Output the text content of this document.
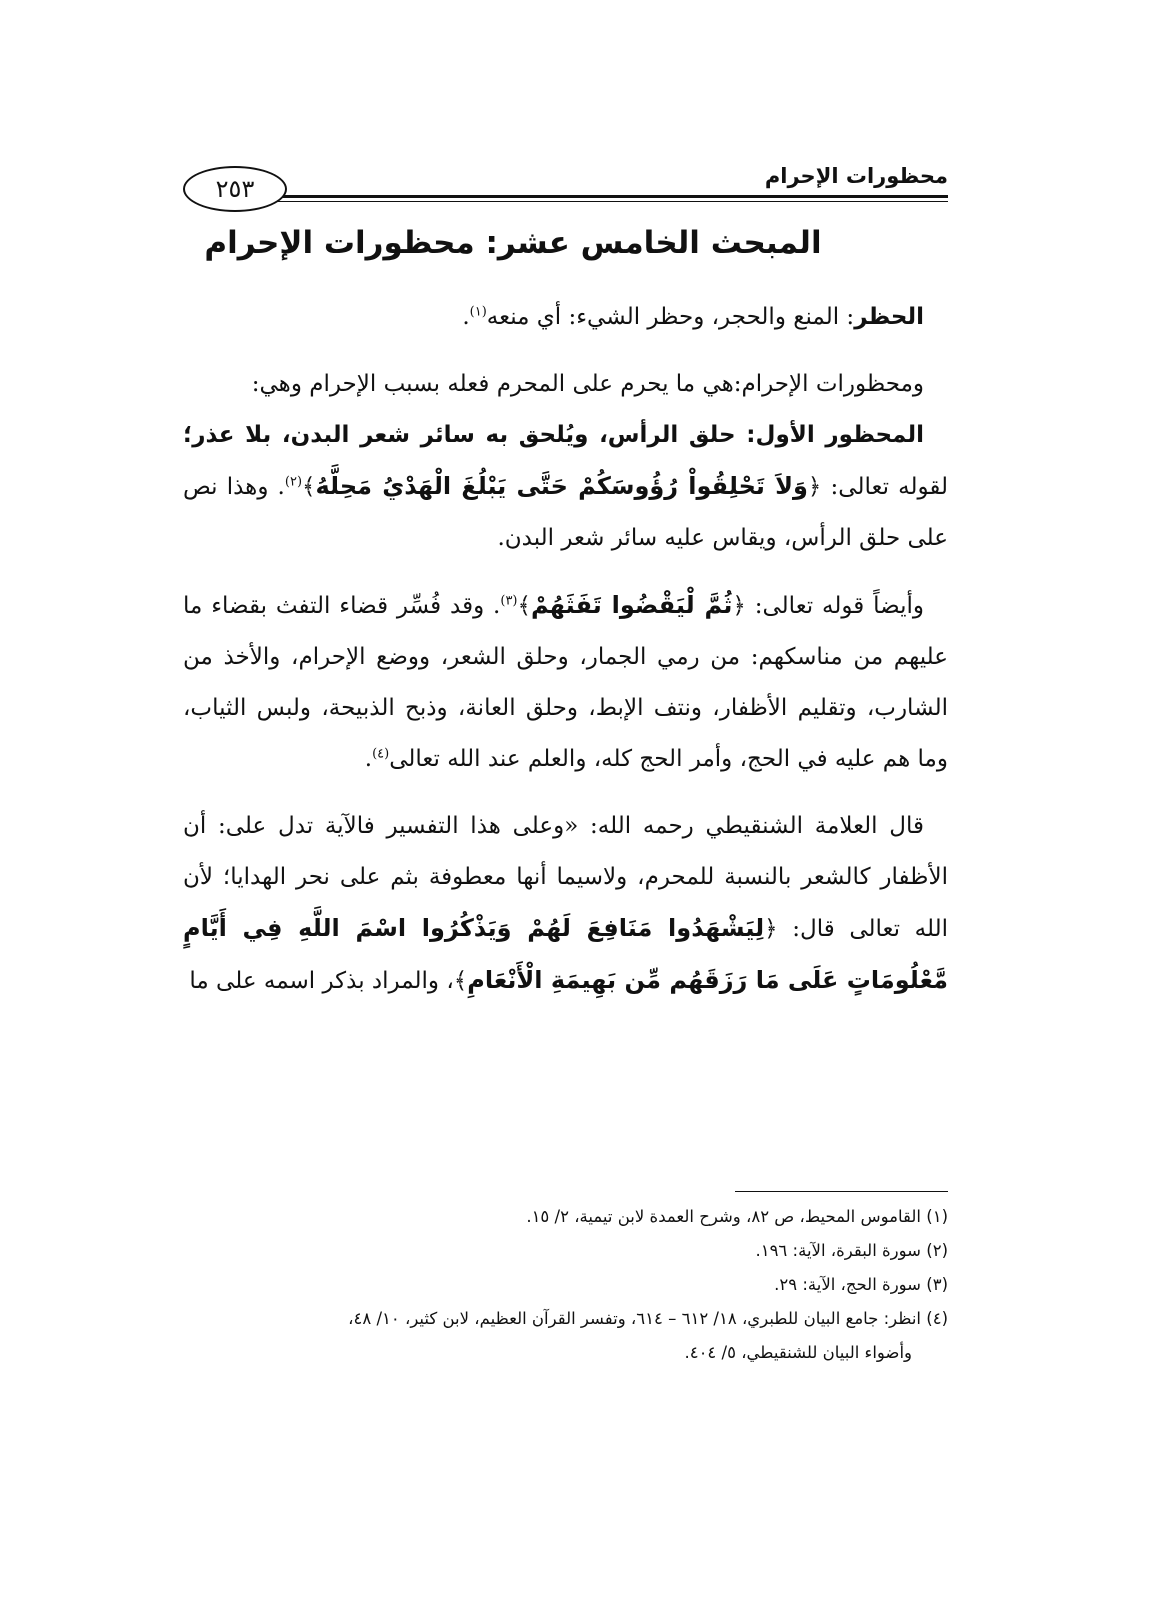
محظورات الإحرام
٢٥٣
المبحث الخامس عشر: محظورات الإحرام

الحظر: المنع والحجر، وحظر الشيء: أي منعه$^{(١)}$.

ومحظورات الإحرام:هي ما يحرم على المحرم فعله بسبب الإحرام وهي:

المحظور الأول: حلق الرأس، ويُلحق به سائر شعر البدن، بلا عذر؛ لقوله تعالى: ﴿وَلاَ تَحْلِقُواْ رُؤُوسَكُمْ حَتَّى يَبْلُغَ الْهَدْيُ مَحِلَّهُ﴾$^{(٢)}$. وهذا نص على حلق الرأس، ويقاس عليه سائر شعر البدن.

وأيضاً قوله تعالى: ﴿ثُمَّ لْيَقْضُوا تَفَثَهُمْ﴾$^{(٣)}$. وقد فُسِّر قضاء التفث بقضاء ما عليهم من مناسكهم: من رمي الجمار، وحلق الشعر، ووضع الإحرام، والأخذ من الشارب، وتقليم الأظفار، ونتف الإبط، وحلق العانة، وذبح الذبيحة، ولبس الثياب، وما هم عليه في الحج، وأمر الحج كله، والعلم عند الله تعالى$^{(٤)}$.

قال العلامة الشنقيطي رحمه الله: «وعلى هذا التفسير فالآية تدل على: أن الأظفار كالشعر بالنسبة للمحرم، ولاسيما أنها معطوفة بثم على نحر الهدايا؛ لأن الله تعالى قال: ﴿لِيَشْهَدُوا مَنَافِعَ لَهُمْ وَيَذْكُرُوا اسْمَ اللَّهِ فِي أَيَّامٍ مَّعْلُومَاتٍ عَلَى مَا رَزَقَهُم مِّن بَهِيمَةِ الْأَنْعَامِ﴾، والمراد بذكر اسمه على ما

(١) القاموس المحيط، ص ٨٢، وشرح العمدة لابن تيمية، ٢/ ١٥.

(٢) سورة البقرة، الآية: ١٩٦.

(٣) سورة الحج، الآية: ٢٩.

(٤) انظر: جامع البيان للطبري، ١٨/ ٦١٢ – ٦١٤، وتفسر القرآن العظيم، لابن كثير، ١٠/ ٤٨،

وأضواء البيان للشنقيطي، ٥/ ٤٠٤.
